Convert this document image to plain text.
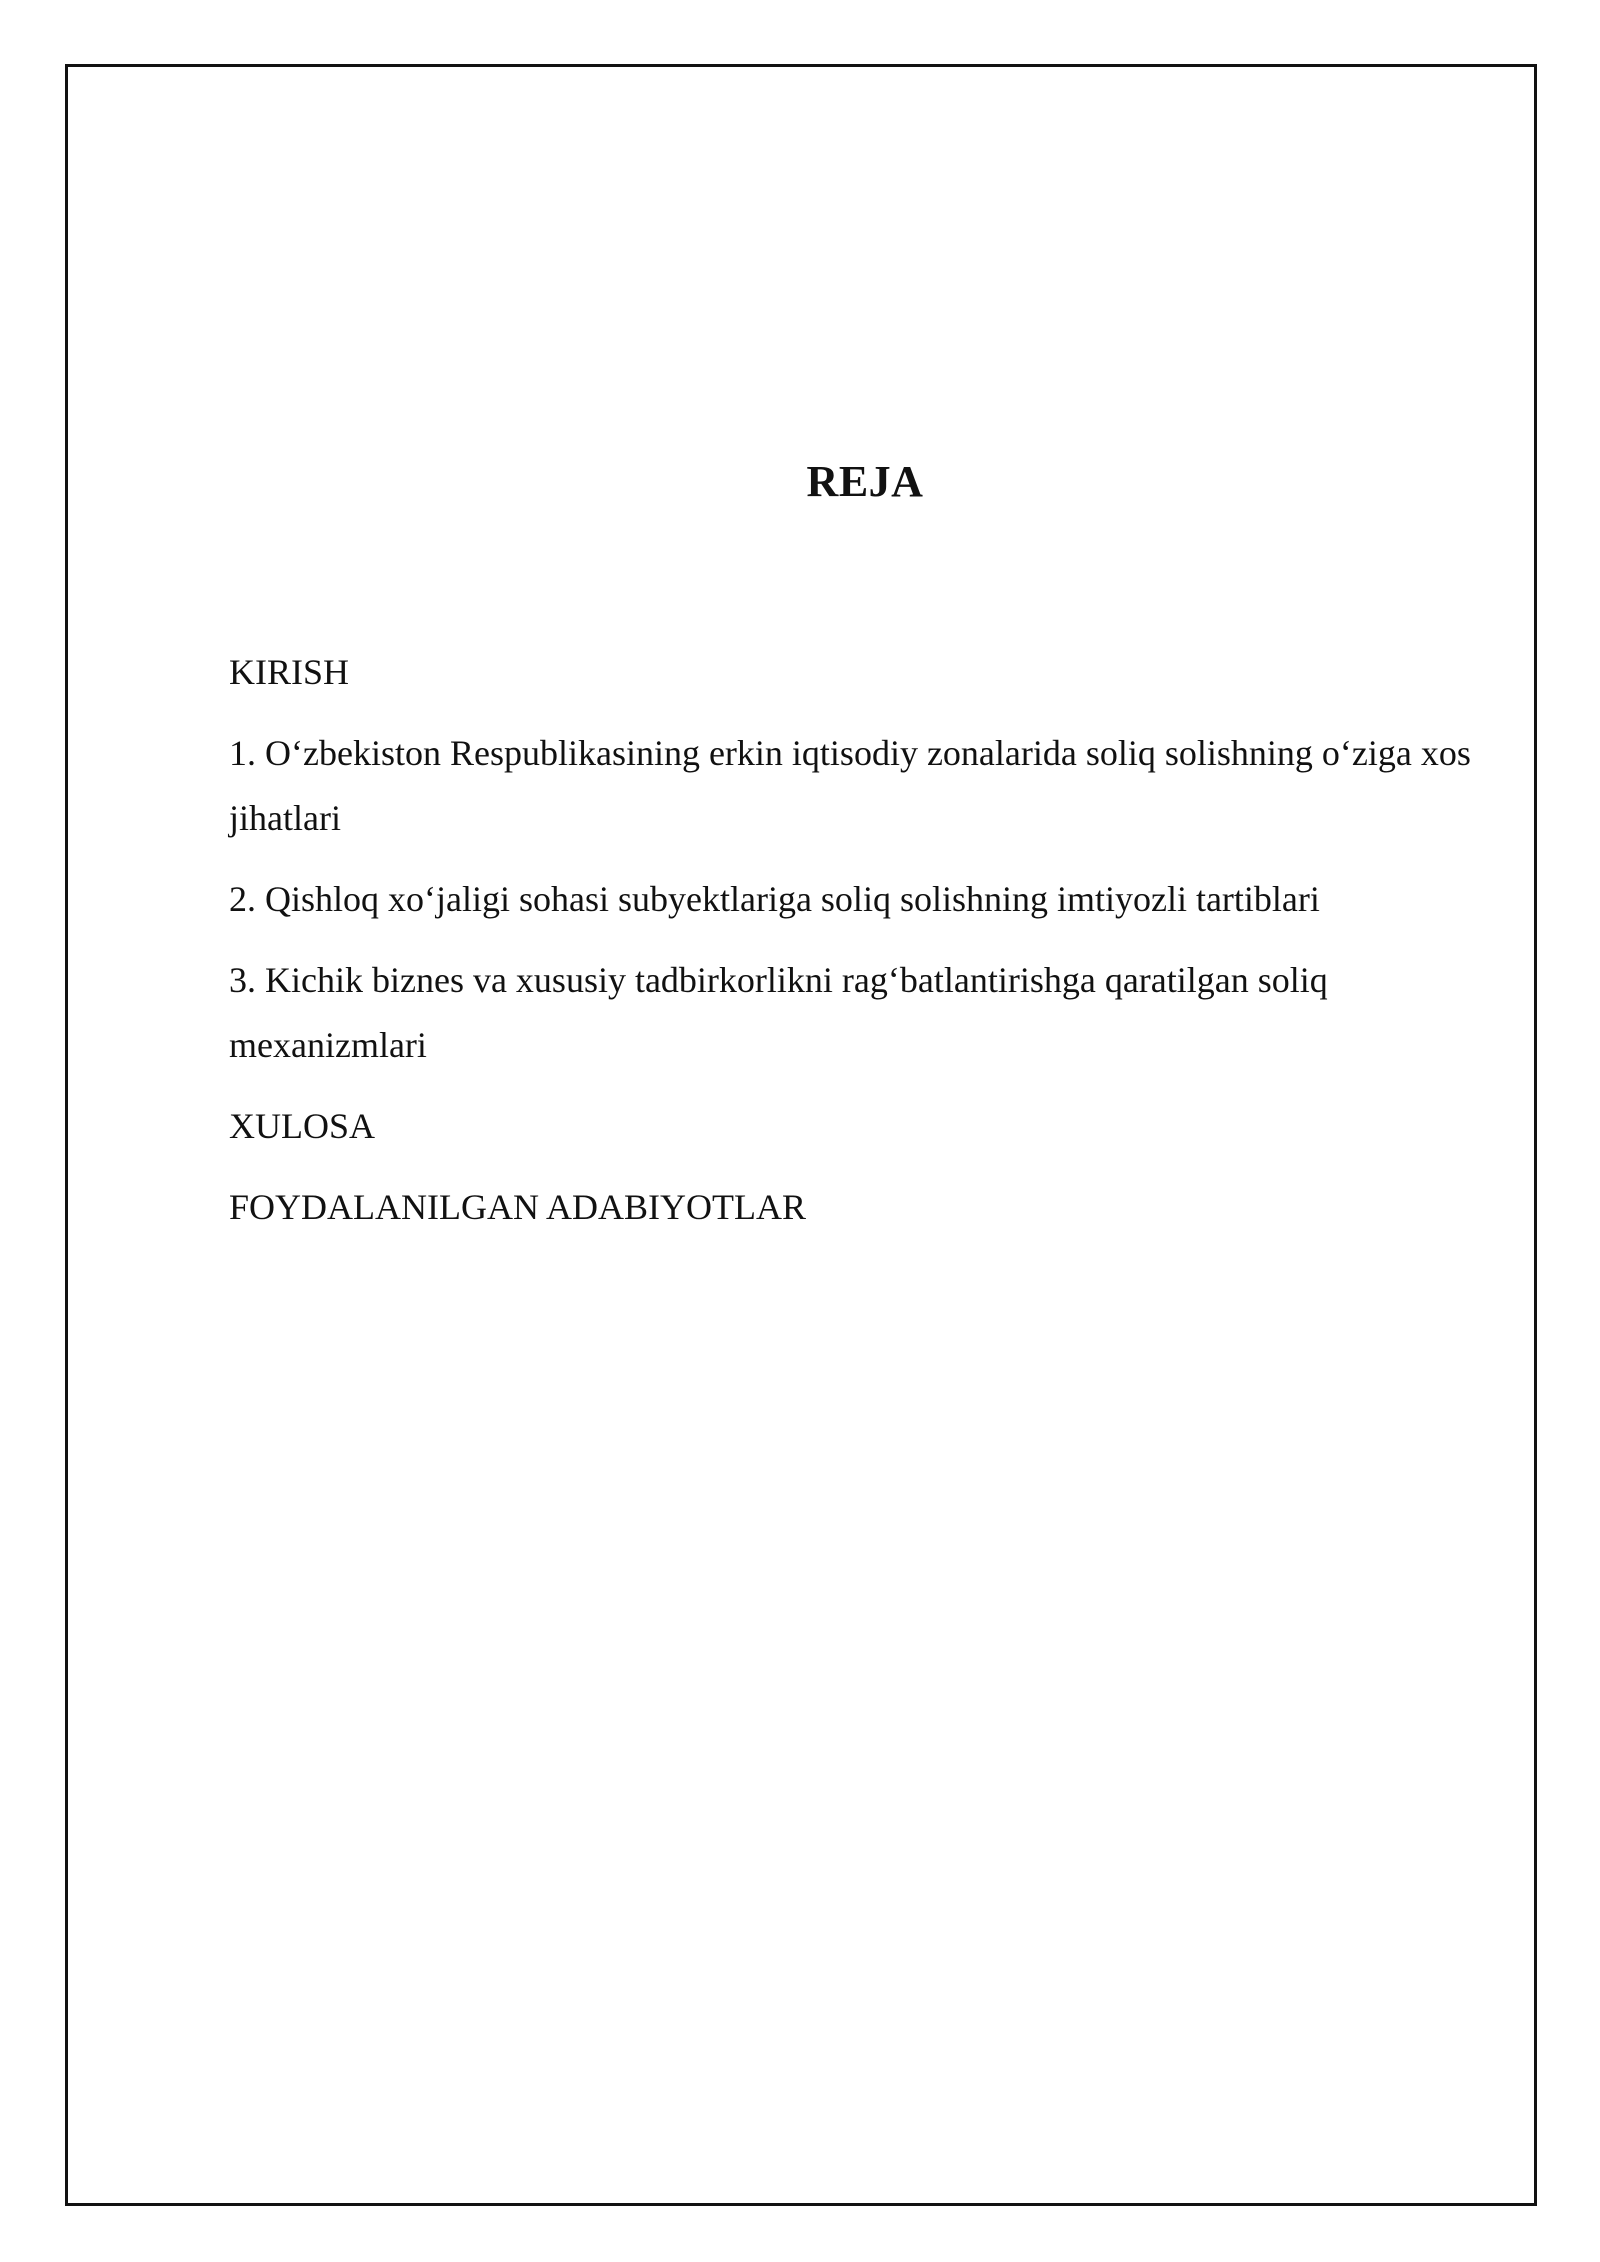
REJA
KIRISH
1. O‘zbekiston Respublikasining erkin iqtisodiy zonalarida soliq solishning o‘ziga xos jihatlari
2. Qishloq xo‘jaligi sohasi subyektlariga soliq solishning imtiyozli tartiblari
3. Kichik biznes va xususiy tadbirkorlikni rag‘batlantirishga qaratilgan soliq mexanizmlari
XULOSA
FOYDALANILGAN ADABIYOTLAR
